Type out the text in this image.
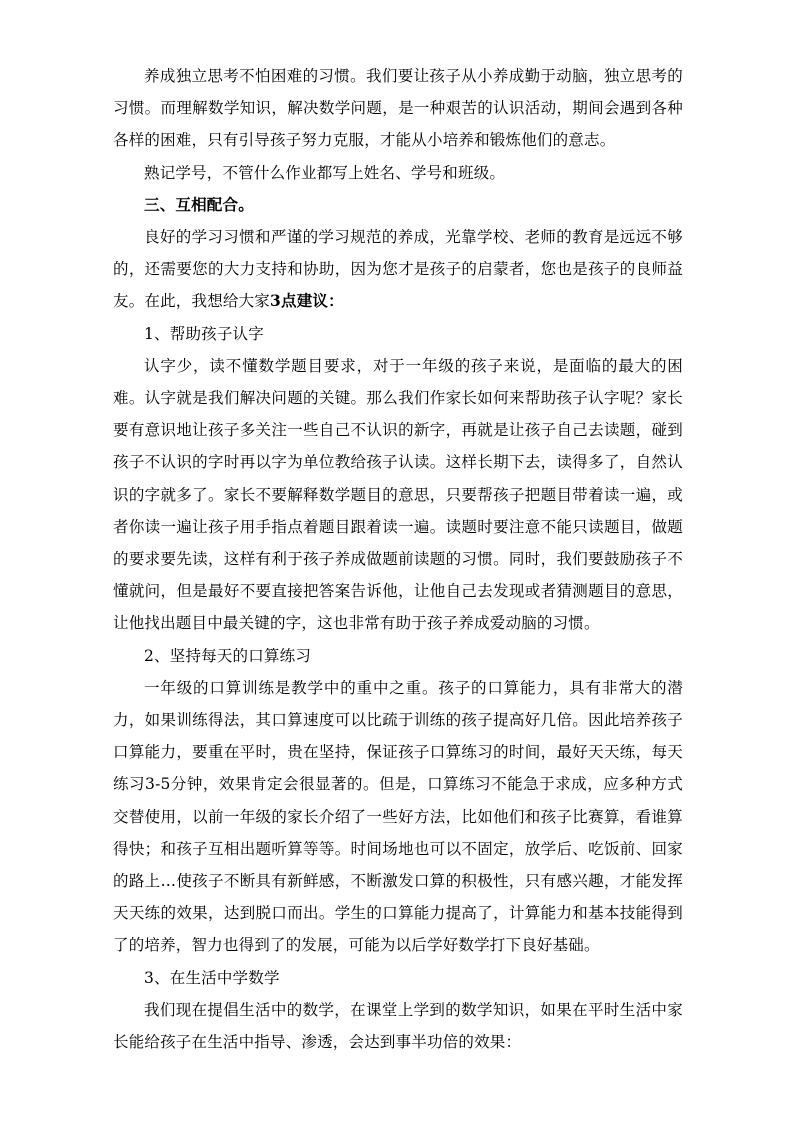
养成独立思考不怕困难的习惯。我们要让孩子从小养成勤于动脑，独立思考的习惯。而理解数学知识，解决数学问题，是一种艰苦的认识活动，期间会遇到各种各样的困难，只有引导孩子努力克服，才能从小培养和锻炼他们的意志。

熟记学号，不管什么作业都写上姓名、学号和班级。

三、互相配合。

良好的学习习惯和严谨的学习规范的养成，光靠学校、老师的教育是远远不够的，还需要您的大力支持和协助，因为您才是孩子的启蒙者，您也是孩子的良师益友。在此，我想给大家3点建议：

1、帮助孩子认字

认字少，读不懂数学题目要求，对于一年级的孩子来说，是面临的最大的困难。认字就是我们解决问题的关键。那么我们作家长如何来帮助孩子认字呢？家长要有意识地让孩子多关注一些自己不认识的新字，再就是让孩子自己去读题，碰到孩子不认识的字时再以字为单位教给孩子认读。这样长期下去，读得多了，自然认识的字就多了。家长不要解释数学题目的意思，只要帮孩子把题目带着读一遍，或者你读一遍让孩子用手指点着题目跟着读一遍。读题时要注意不能只读题目，做题的要求要先读，这样有利于孩子养成做题前读题的习惯。同时，我们要鼓励孩子不懂就问，但是最好不要直接把答案告诉他，让他自己去发现或者猜测题目的意思，让他找出题目中最关键的字，这也非常有助于孩子养成爱动脑的习惯。

2、坚持每天的口算练习

一年级的口算训练是教学中的重中之重。孩子的口算能力，具有非常大的潜力，如果训练得法，其口算速度可以比疏于训练的孩子提高好几倍。因此培养孩子口算能力，要重在平时，贵在坚持，保证孩子口算练习的时间，最好天天练，每天练习3-5分钟，效果肯定会很显著的。但是，口算练习不能急于求成，应多种方式交替使用，以前一年级的家长介绍了一些好方法，比如他们和孩子比赛算，看谁算得快；和孩子互相出题听算等等。时间场地也可以不固定，放学后、吃饭前、回家的路上…使孩子不断具有新鲜感，不断激发口算的积极性，只有感兴趣，才能发挥天天练的效果，达到脱口而出。学生的口算能力提高了，计算能力和基本技能得到了的培养，智力也得到了的发展，可能为以后学好数学打下良好基础。

3、在生活中学数学

我们现在提倡生活中的数学，在课堂上学到的数学知识，如果在平时生活中家长能给孩子在生活中指导、渗透，会达到事半功倍的效果：
